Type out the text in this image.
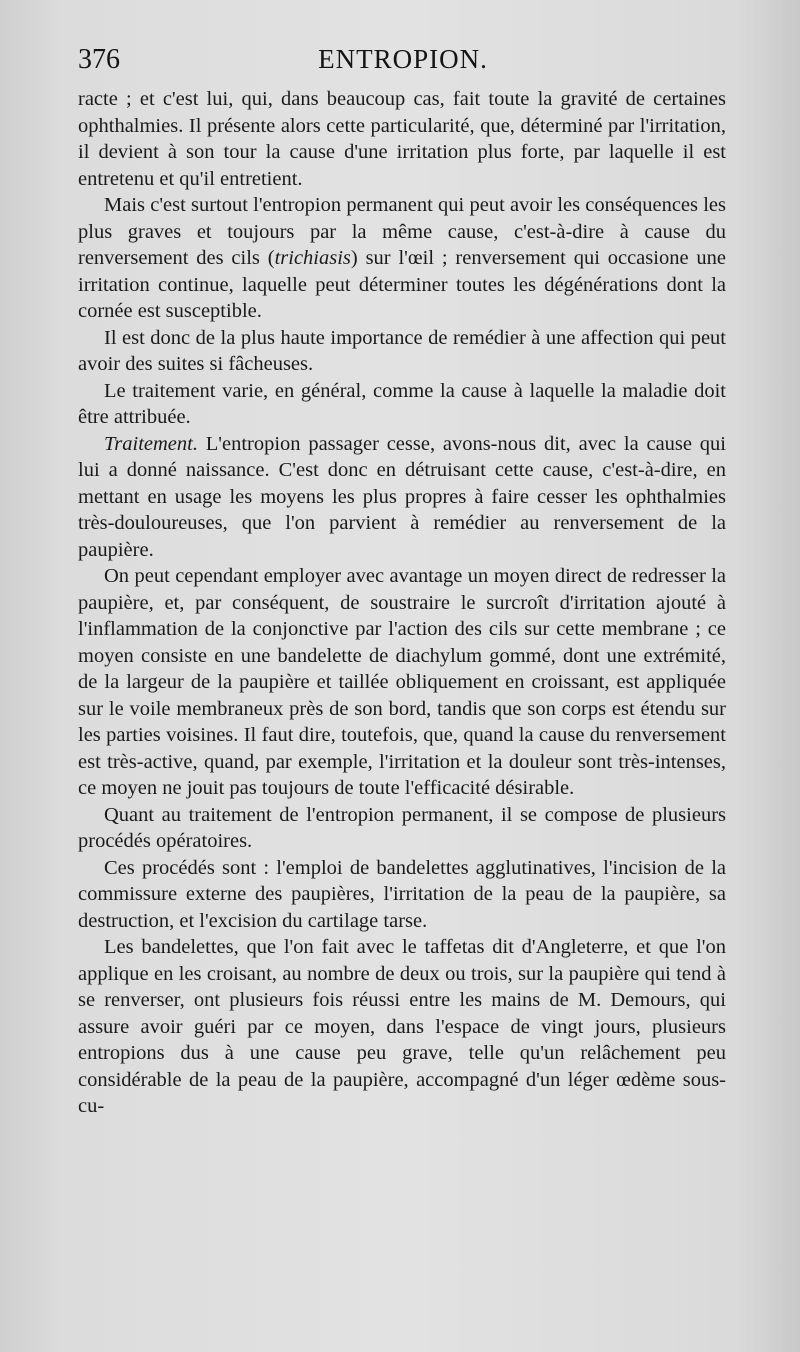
376	ENTROPION.

racte ; et c'est lui, qui, dans beaucoup cas, fait toute la gravité de certaines ophthalmies. Il présente alors cette particularité, que, déterminé par l'irritation, il devient à son tour la cause d'une irritation plus forte, par laquelle il est entretenu et qu'il entretient.

Mais c'est surtout l'entropion permanent qui peut avoir les conséquences les plus graves et toujours par la même cause, c'est-à-dire à cause du renversement des cils (trichiasis) sur l'œil ; renversement qui occasione une irritation continue, laquelle peut déterminer toutes les dégénérations dont la cornée est susceptible.

Il est donc de la plus haute importance de remédier à une affection qui peut avoir des suites si fâcheuses.

Le traitement varie, en général, comme la cause à laquelle la maladie doit être attribuée.

Traitement. L'entropion passager cesse, avons-nous dit, avec la cause qui lui a donné naissance. C'est donc en détruisant cette cause, c'est-à-dire, en mettant en usage les moyens les plus propres à faire cesser les ophthalmies très-douloureuses, que l'on parvient à remédier au renversement de la paupière.

On peut cependant employer avec avantage un moyen direct de redresser la paupière, et, par conséquent, de soustraire le surcroît d'irritation ajouté à l'inflammation de la conjonctive par l'action des cils sur cette membrane ; ce moyen consiste en une bandelette de diachylum gommé, dont une extrémité, de la largeur de la paupière et taillée obliquement en croissant, est appliquée sur le voile membraneux près de son bord, tandis que son corps est étendu sur les parties voisines. Il faut dire, toutefois, que, quand la cause du renversement est très-active, quand, par exemple, l'irritation et la douleur sont très-intenses, ce moyen ne jouit pas toujours de toute l'efficacité désirable.

Quant au traitement de l'entropion permanent, il se compose de plusieurs procédés opératoires.

Ces procédés sont : l'emploi de bandelettes agglutinatives, l'incision de la commissure externe des paupières, l'irritation de la peau de la paupière, sa destruction, et l'excision du cartilage tarse.

Les bandelettes, que l'on fait avec le taffetas dit d'Angleterre, et que l'on applique en les croisant, au nombre de deux ou trois, sur la paupière qui tend à se renverser, ont plusieurs fois réussi entre les mains de M. Demours, qui assure avoir guéri par ce moyen, dans l'espace de vingt jours, plusieurs entropions dus à une cause peu grave, telle qu'un relâchement peu considérable de la peau de la paupière, accompagné d'un léger œdème sous-cu-
